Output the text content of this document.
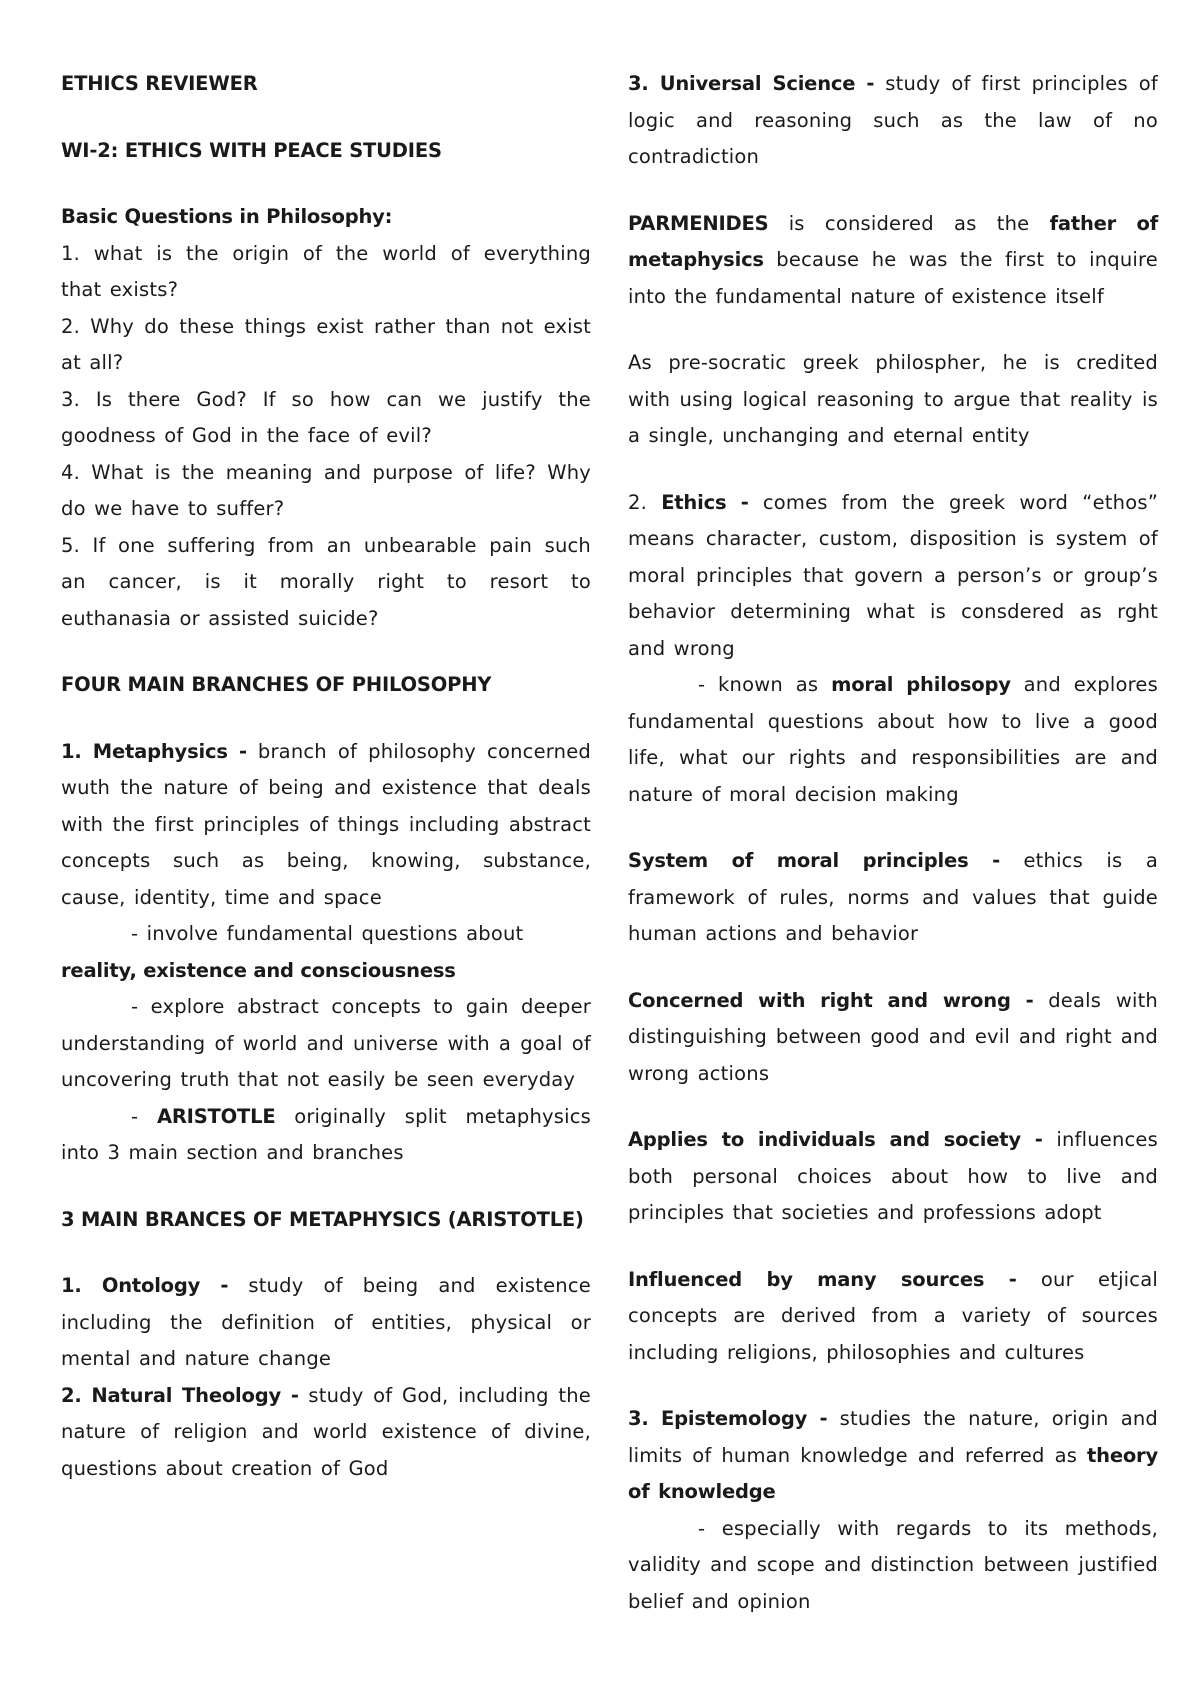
ETHICS REVIEWER

WI-2: ETHICS WITH PEACE STUDIES

Basic Questions in Philosophy:

1. what is the origin of the world of everything that exists?

2. Why do these things exist rather than not exist at all?

3. Is there God? If so how can we justify the goodness of God in the face of evil?

4. What is the meaning and purpose of life? Why do we have to suffer?

5. If one suffering from an unbearable pain such an cancer, is it morally right to resort to euthanasia or assisted suicide?

FOUR MAIN BRANCHES OF PHILOSOPHY

1. Metaphysics - branch of philosophy concerned wuth the nature of being and existence that deals with the first principles of things including abstract concepts such as being, knowing, substance, cause, identity, time and space

- involve fundamental questions about

reality, existence and consciousness

- explore abstract concepts to gain deeper understanding of world and universe with a goal of uncovering truth that not easily be seen everyday

- ARISTOTLE originally split metaphysics into 3 main section and branches

3 MAIN BRANCES OF METAPHYSICS (ARISTOTLE)

1. Ontology - study of being and existence including the definition of entities, physical or mental and nature change

2. Natural Theology - study of God, including the nature of religion and world existence of divine, questions about creation of God

3. Universal Science - study of first principles of logic and reasoning such as the law of no contradiction

PARMENIDES is considered as the father of metaphysics because he was the first to inquire into the fundamental nature of existence itself

As pre-socratic greek philospher, he is credited with using logical reasoning to argue that reality is a single, unchanging and eternal entity

2. Ethics - comes from the greek word “ethos” means character, custom, disposition is system of moral principles that govern a person’s or group’s behavior determining what is consdered as rght and wrong

- known as moral philosopy and explores fundamental questions about how to live a good life, what our rights and responsibilities are and nature of moral decision making

System of moral principles - ethics is a framework of rules, norms and values that guide human actions and behavior

Concerned with right and wrong - deals with distinguishing between good and evil and right and wrong actions

Applies to individuals and society - influences both personal choices about how to live and principles that societies and professions adopt

Influenced by many sources - our etjical concepts are derived from a variety of sources including religions, philosophies and cultures

3. Epistemology - studies the nature, origin and limits of human knowledge and referred as theory of knowledge

- especially with regards to its methods, validity and scope and distinction between justified belief and opinion
